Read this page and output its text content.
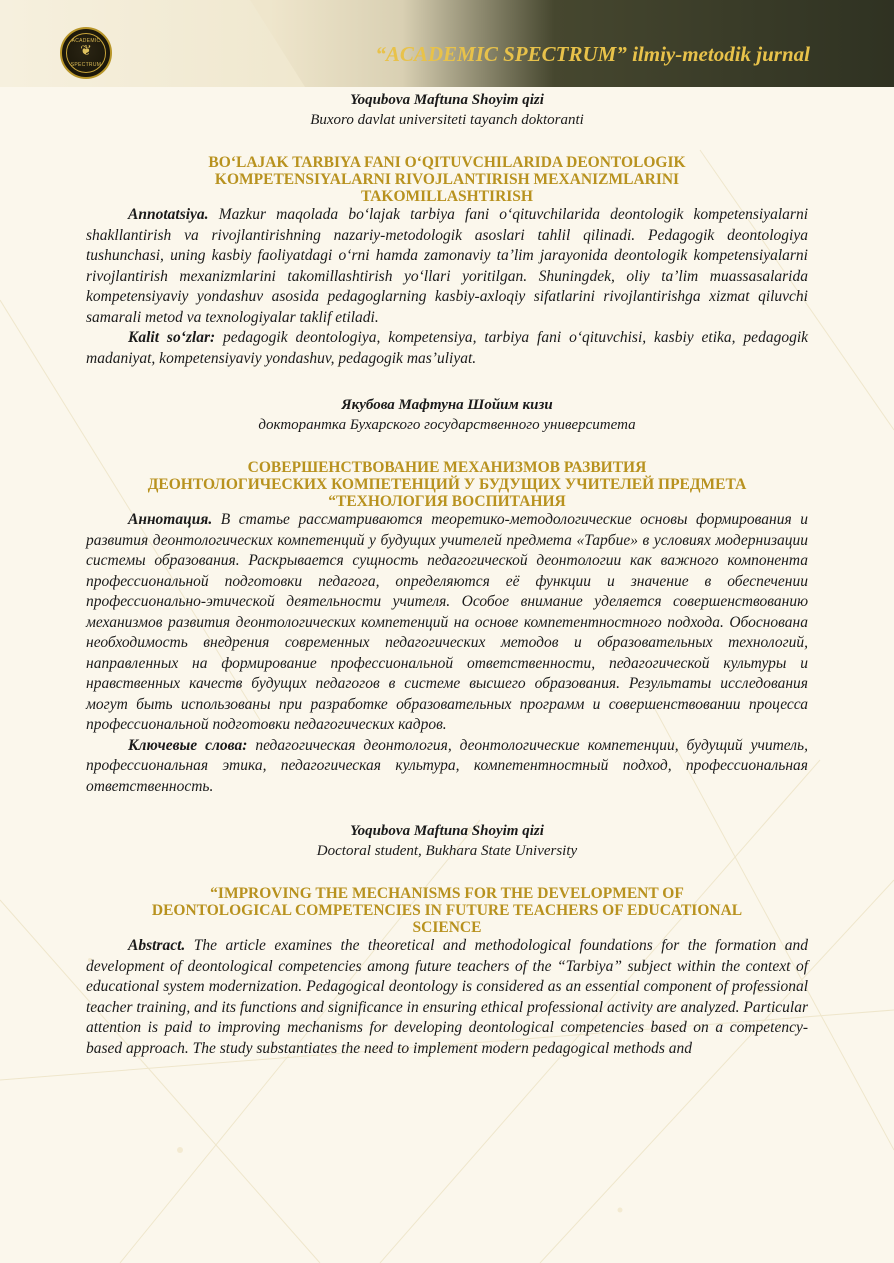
ACADEMIC
❦
SPECTRUM	“ACADEMIC SPECTRUM” ilmiy-metodik jurnal
Yoqubova Maftuna Shoyim qizi
Buxoro davlat universiteti tayanch doktoranti
BO‘LAJAK TARBIYA FANI O‘QITUVCHILARIDA DEONTOLOGIK
KOMPETENSIYALARNI RIVOJLANTIRISH MEXANIZMLARINI
TAKOMILLASHTIRISH

Annotatsiya. Mazkur maqolada bo‘lajak tarbiya fani o‘qituvchilarida deontologik kompetensiyalarni shakllantirish va rivojlantirishning nazariy-metodologik asoslari tahlil qilinadi. Pedagogik deontologiya tushunchasi, uning kasbiy faoliyatdagi o‘rni hamda zamonaviy ta’lim jarayonida deontologik kompetensiyalarni rivojlantirish mexanizmlarini takomillashtirish yo‘llari yoritilgan. Shuningdek, oliy ta’lim muassasalarida kompetensiyaviy yondashuv asosida pedagoglarning kasbiy-axloqiy sifatlarini rivojlantirishga xizmat qiluvchi samarali metod va texnologiyalar taklif etiladi.

Kalit so‘zlar: pedagogik deontologiya, kompetensiya, tarbiya fani o‘qituvchisi, kasbiy etika, pedagogik madaniyat, kompetensiyaviy yondashuv, pedagogik mas’uliyat.

Якубова Мафтуна Шойим кизи
докторантка Бухарского государственного университета
СОВЕРШЕНСТВОВАНИЕ МЕХАНИЗМОВ РАЗВИТИЯ
ДЕОНТОЛОГИЧЕСКИХ КОМПЕТЕНЦИЙ У БУДУЩИХ УЧИТЕЛЕЙ ПРЕДМЕТА
“ТЕХНОЛОГИЯ ВОСПИТАНИЯ

Аннотация. В статье рассматриваются теоретико-методологические основы формирования и развития деонтологических компетенций у будущих учителей предмета «Тарбие» в условиях модернизации системы образования. Раскрывается сущность педагогической деонтологии как важного компонента профессиональной подготовки педагога, определяются её функции и значение в обеспечении профессионально-этической деятельности учителя. Особое внимание уделяется совершенствованию механизмов развития деонтологических компетенций на основе компетентностного подхода. Обоснована необходимость внедрения современных педагогических методов и образовательных технологий, направленных на формирование профессиональной ответственности, педагогической культуры и нравственных качеств будущих педагогов в системе высшего образования. Результаты исследования могут быть использованы при разработке образовательных программ и совершенствовании процесса профессиональной подготовки педагогических кадров.

Ключевые слова: педагогическая деонтология, деонтологические компетенции, будущий учитель, профессиональная этика, педагогическая культура, компетентностный подход, профессиональная ответственность.

Yoqubova Maftuna Shoyim qizi
Doctoral student, Bukhara State University
“IMPROVING THE MECHANISMS FOR THE DEVELOPMENT OF
DEONTOLOGICAL COMPETENCIES IN FUTURE TEACHERS OF EDUCATIONAL
SCIENCE

Abstract. The article examines the theoretical and methodological foundations for the formation and development of deontological competencies among future teachers of the “Tarbiya” subject within the context of educational system modernization. Pedagogical deontology is considered as an essential component of professional teacher training, and its functions and significance in ensuring ethical professional activity are analyzed. Particular attention is paid to improving mechanisms for developing deontological competencies based on a competency-based approach. The study substantiates the need to implement modern pedagogical methods and
